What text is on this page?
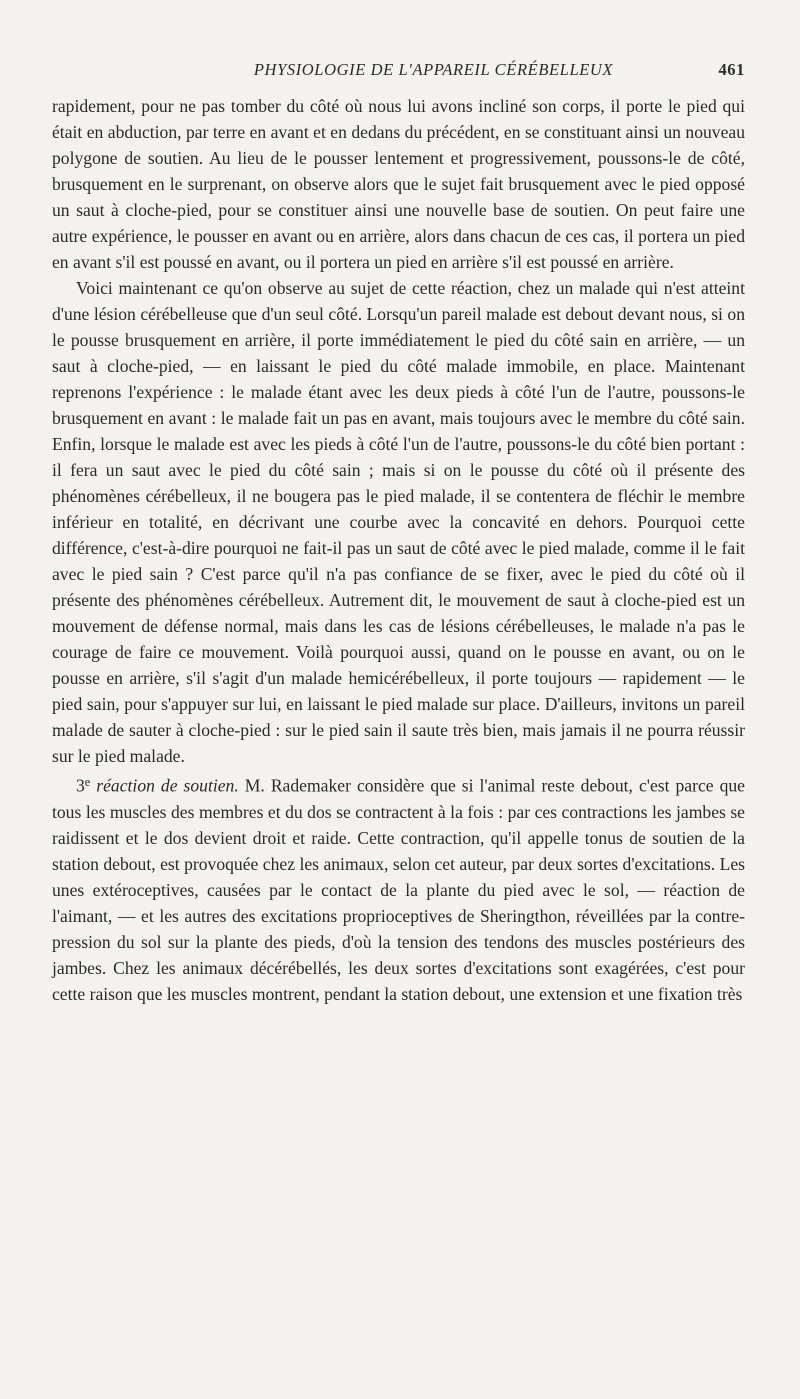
PHYSIOLOGIE DE L'APPAREIL CÉRÉBELLEUX	461

rapidement, pour ne pas tomber du côté où nous lui avons incliné son corps, il porte le pied qui était en abduction, par terre en avant et en dedans du précédent, en se constituant ainsi un nouveau polygone de soutien. Au lieu de le pousser lentement et progressivement, poussons-le de côté, brusquement en le surprenant, on observe alors que le sujet fait brusquement avec le pied opposé un saut à cloche-pied, pour se constituer ainsi une nouvelle base de soutien. On peut faire une autre expérience, le pousser en avant ou en arrière, alors dans chacun de ces cas, il portera un pied en avant s'il est poussé en avant, ou il portera un pied en arrière s'il est poussé en arrière.

Voici maintenant ce qu'on observe au sujet de cette réaction, chez un malade qui n'est atteint d'une lésion cérébelleuse que d'un seul côté. Lorsqu'un pareil malade est debout devant nous, si on le pousse brusquement en arrière, il porte immédiatement le pied du côté sain en arrière, — un saut à cloche-pied, — en laissant le pied du côté malade immobile, en place. Maintenant reprenons l'expérience : le malade étant avec les deux pieds à côté l'un de l'autre, poussons-le brusquement en avant : le malade fait un pas en avant, mais toujours avec le membre du côté sain. Enfin, lorsque le malade est avec les pieds à côté l'un de l'autre, poussons-le du côté bien portant : il fera un saut avec le pied du côté sain ; mais si on le pousse du côté où il présente des phénomènes cérébelleux, il ne bougera pas le pied malade, il se contentera de fléchir le membre inférieur en totalité, en décrivant une courbe avec la concavité en dehors. Pourquoi cette différence, c'est-à-dire pourquoi ne fait-il pas un saut de côté avec le pied malade, comme il le fait avec le pied sain ? C'est parce qu'il n'a pas confiance de se fixer, avec le pied du côté où il présente des phénomènes cérébelleux. Autrement dit, le mouvement de saut à cloche-pied est un mouvement de défense normal, mais dans les cas de lésions cérébelleuses, le malade n'a pas le courage de faire ce mouvement. Voilà pourquoi aussi, quand on le pousse en avant, ou on le pousse en arrière, s'il s'agit d'un malade hemicérébelleux, il porte toujours — rapidement — le pied sain, pour s'appuyer sur lui, en laissant le pied malade sur place. D'ailleurs, invitons un pareil malade de sauter à cloche-pied : sur le pied sain il saute très bien, mais jamais il ne pourra réussir sur le pied malade.

3e réaction de soutien. M. Rademaker considère que si l'animal reste debout, c'est parce que tous les muscles des membres et du dos se contractent à la fois : par ces contractions les jambes se raidissent et le dos devient droit et raide. Cette contraction, qu'il appelle tonus de soutien de la station debout, est provoquée chez les animaux, selon cet auteur, par deux sortes d'excitations. Les unes extéroceptives, causées par le contact de la plante du pied avec le sol, — réaction de l'aimant, — et les autres des excitations proprioceptives de Sheringthon, réveillées par la contre-pression du sol sur la plante des pieds, d'où la tension des tendons des muscles postérieurs des jambes. Chez les animaux décérébellés, les deux sortes d'excitations sont exagérées, c'est pour cette raison que les muscles montrent, pendant la station debout, une extension et une fixation très
